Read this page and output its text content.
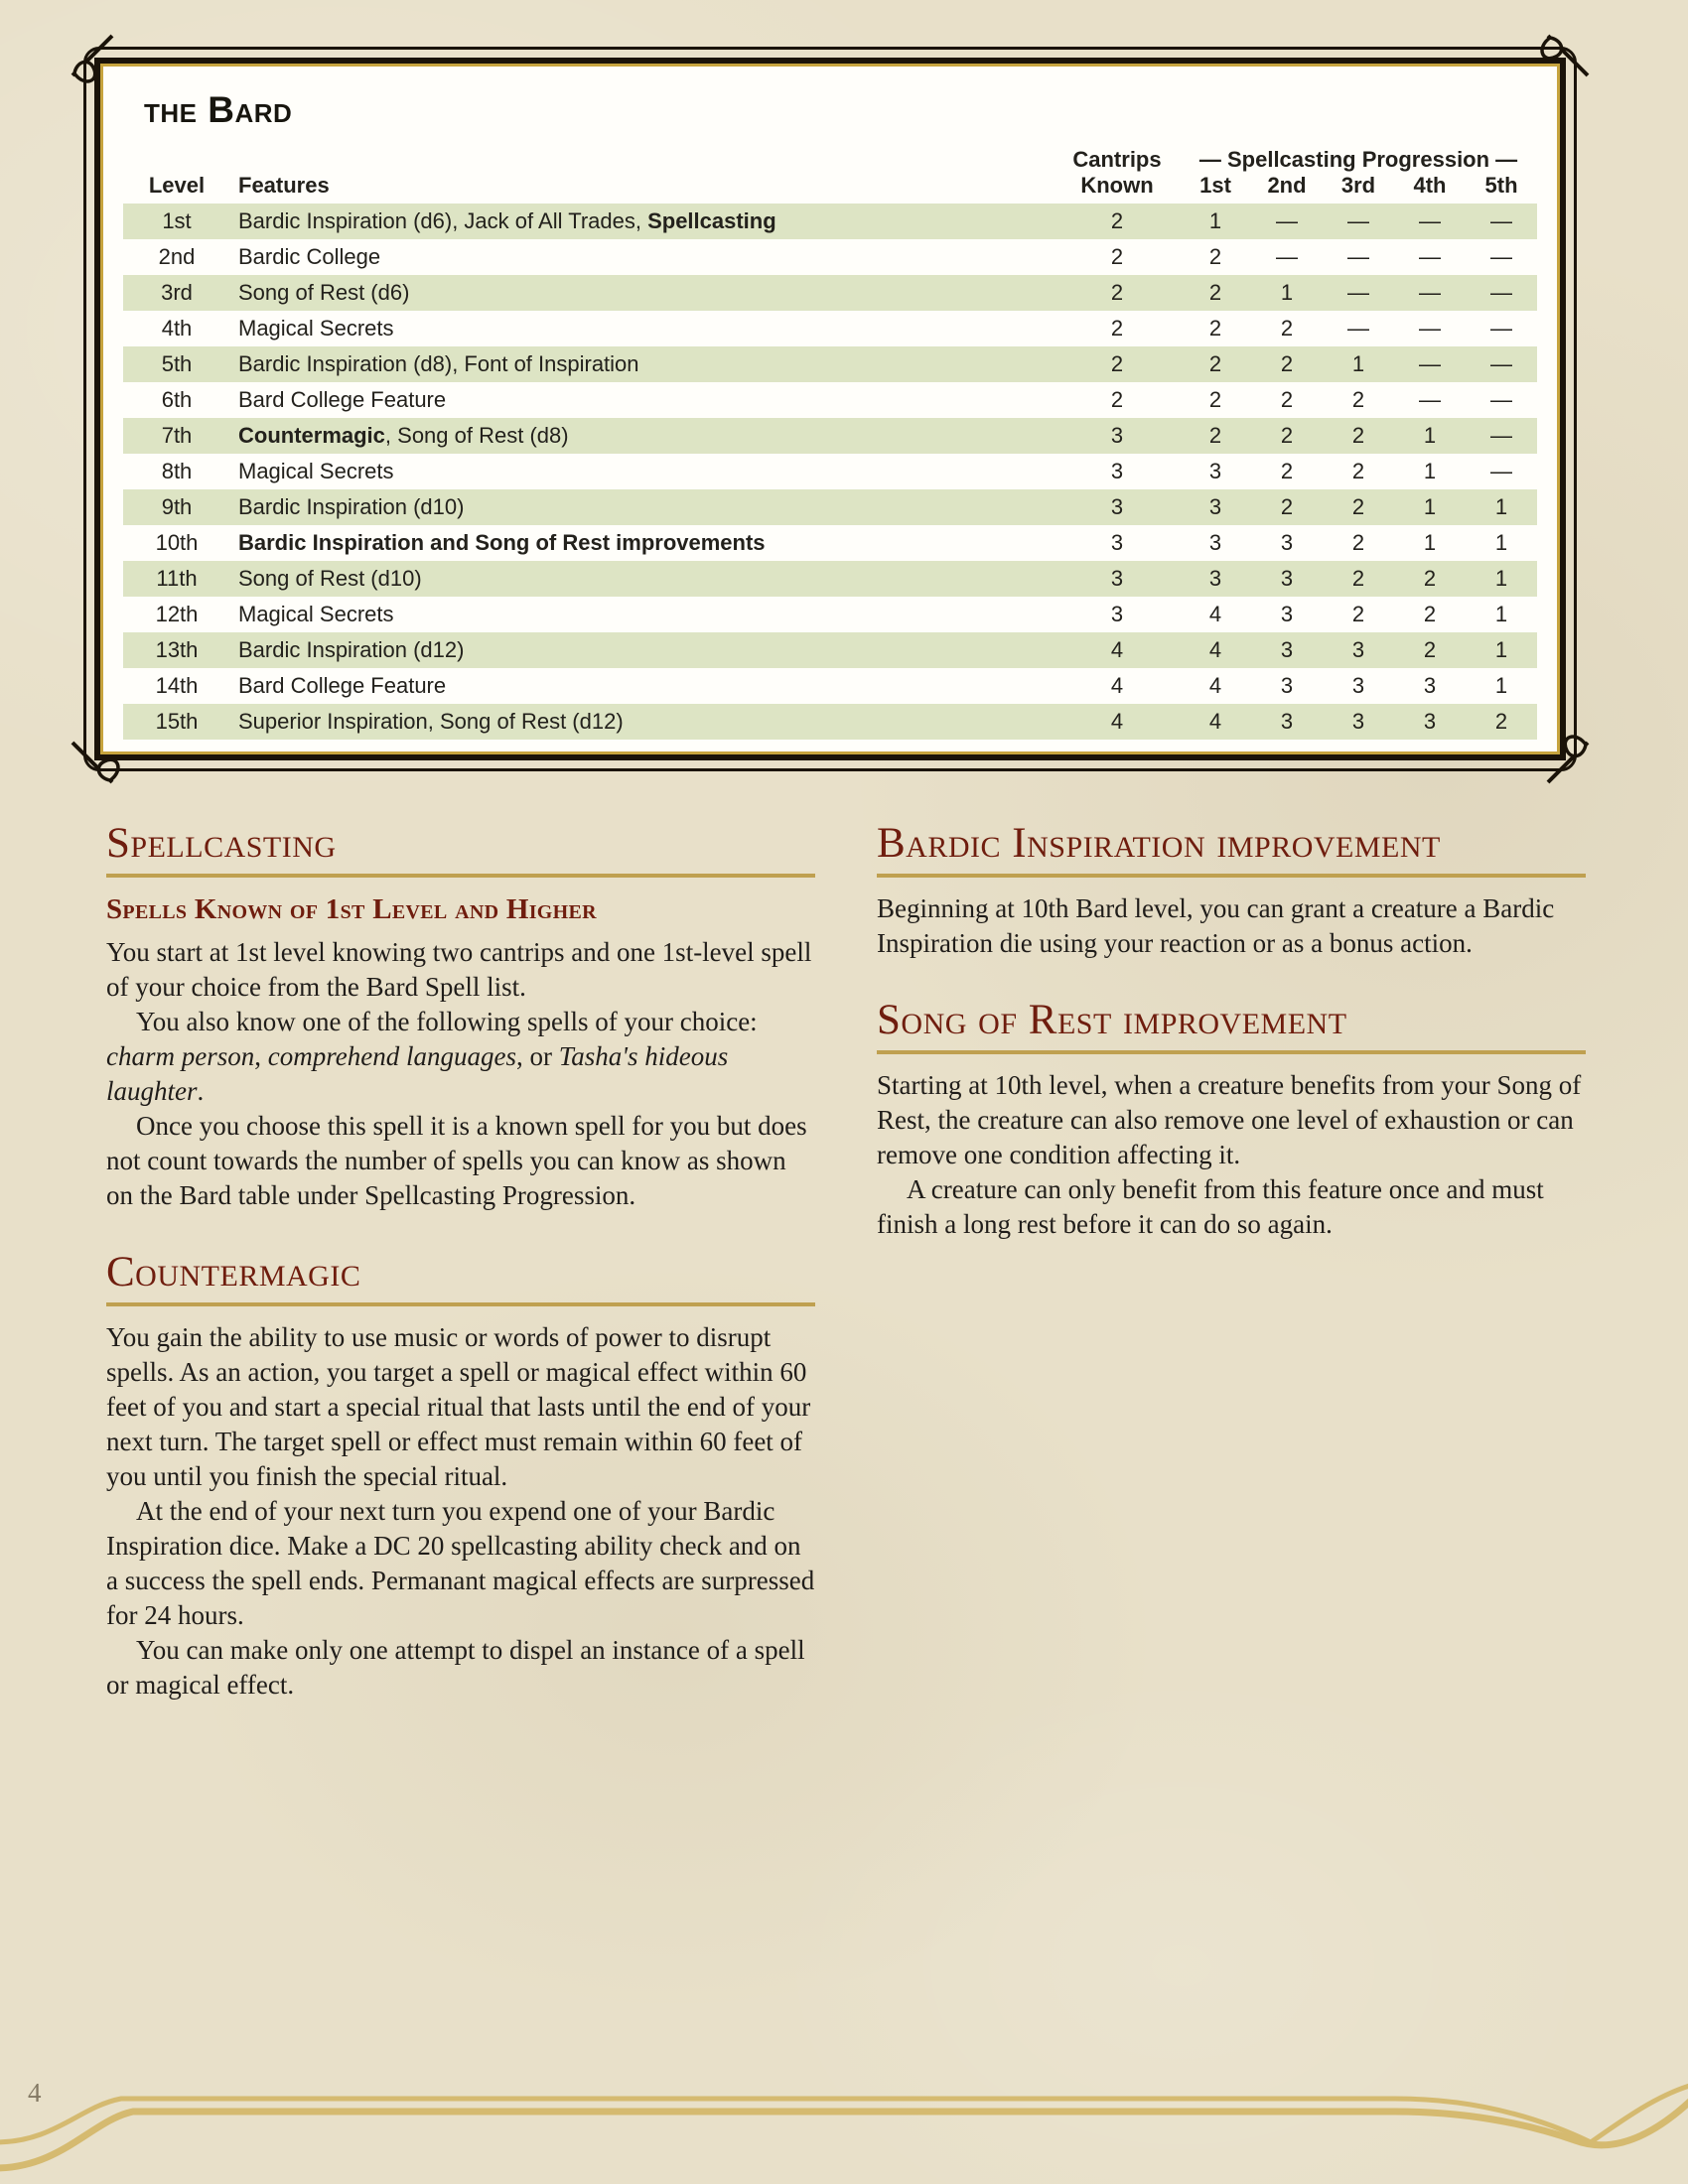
the Bard
		Cantrips	— Spellcasting Progression —				
Level	Features	Known	1st	2nd	3rd	4th	5th
1st	Bardic Inspiration (d6), Jack of All Trades, Spellcasting	2	1	—	—	—	—
2nd	Bardic College	2	2	—	—	—	—
3rd	Song of Rest (d6)	2	2	1	—	—	—
4th	Magical Secrets	2	2	2	—	—	—
5th	Bardic Inspiration (d8), Font of Inspiration	2	2	2	1	—	—
6th	Bard College Feature	2	2	2	2	—	—
7th	Countermagic, Song of Rest (d8)	3	2	2	2	1	—
8th	Magical Secrets	3	3	2	2	1	—
9th	Bardic Inspiration (d10)	3	3	2	2	1	1
10th	Bardic Inspiration and Song of Rest improvements	3	3	3	2	1	1
11th	Song of Rest (d10)	3	3	3	2	2	1
12th	Magical Secrets	3	4	3	2	2	1
13th	Bardic Inspiration (d12)	4	4	3	3	2	1
14th	Bard College Feature	4	4	3	3	3	1
15th	Superior Inspiration, Song of Rest (d12)	4	4	3	3	3	2
Spellcasting
Spells Known of 1st Level and Higher

You start at 1st level knowing two cantrips and one 1st-level spell of your choice from the Bard Spell list.

You also know one of the following spells of your choice: charm person, comprehend languages, or Tasha's hideous laughter.

Once you choose this spell it is a known spell for you but does not count towards the number of spells you can know as shown on the Bard table under Spellcasting Progression.

Countermagic

You gain the ability to use music or words of power to disrupt spells. As an action, you target a spell or magical effect within 60 feet of you and start a special ritual that lasts until the end of your next turn. The target spell or effect must remain within 60 feet of you until you finish the special ritual.

At the end of your next turn you expend one of your Bardic Inspiration dice. Make a DC 20 spellcasting ability check and on a success the spell ends. Permanant magical effects are surpressed for 24 hours.

You can make only one attempt to dispel an instance of a spell or magical effect.

Bardic Inspiration improvement

Beginning at 10th Bard level, you can grant a creature a Bardic Inspiration die using your reaction or as a bonus action.

Song of Rest improvement

Starting at 10th level, when a creature benefits from your Song of Rest, the creature can also remove one level of exhaustion or can remove one condition affecting it.

A creature can only benefit from this feature once and must finish a long rest before it can do so again.

4
